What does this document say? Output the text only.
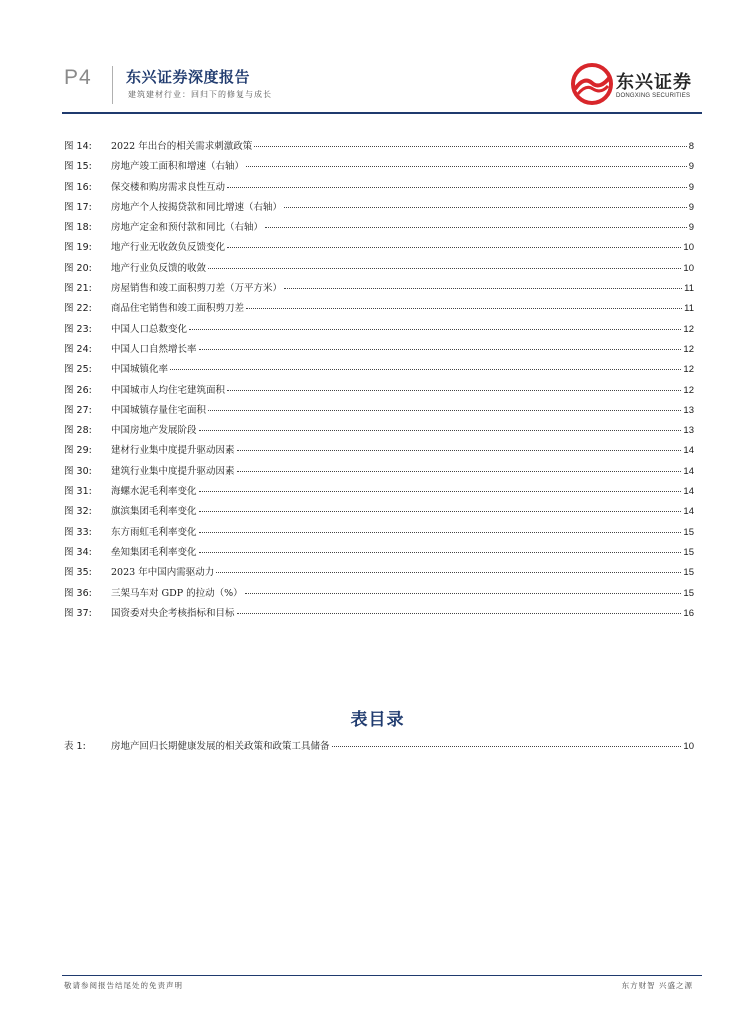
P4 东兴证券深度报告
建筑建材行业：回归下的修复与成长
东兴证券
DONGXING SECURITIES
图 14:	2022 年出台的相关需求刺激政策	8
图 15:	房地产竣工面积和增速（右轴）	9
图 16:	保交楼和购房需求良性互动	9
图 17:	房地产个人按揭贷款和同比增速（右轴）	9
图 18:	房地产定金和预付款和同比（右轴）	9
图 19:	地产行业无收敛负反馈变化	10
图 20:	地产行业负反馈的收敛	10
图 21:	房屋销售和竣工面积剪刀差（万平方米）	11
图 22:	商品住宅销售和竣工面积剪刀差	11
图 23:	中国人口总数变化	12
图 24:	中国人口自然增长率	12
图 25:	中国城镇化率	12
图 26:	中国城市人均住宅建筑面积	12
图 27:	中国城镇存量住宅面积	13
图 28:	中国房地产发展阶段	13
图 29:	建材行业集中度提升驱动因素	14
图 30:	建筑行业集中度提升驱动因素	14
图 31:	海螺水泥毛利率变化	14
图 32:	旗滨集团毛利率变化	14
图 33:	东方雨虹毛利率变化	15
图 34:	垒知集团毛利率变化	15
图 35:	2023 年中国内需驱动力	15
图 36:	三架马车对 GDP 的拉动（%）	15
图 37:	国资委对央企考核指标和目标	16
表目录
表 1:	房地产回归长期健康发展的相关政策和政策工具储备	10
敬请参阅报告结尾处的免责声明	东方财智 兴盛之源
